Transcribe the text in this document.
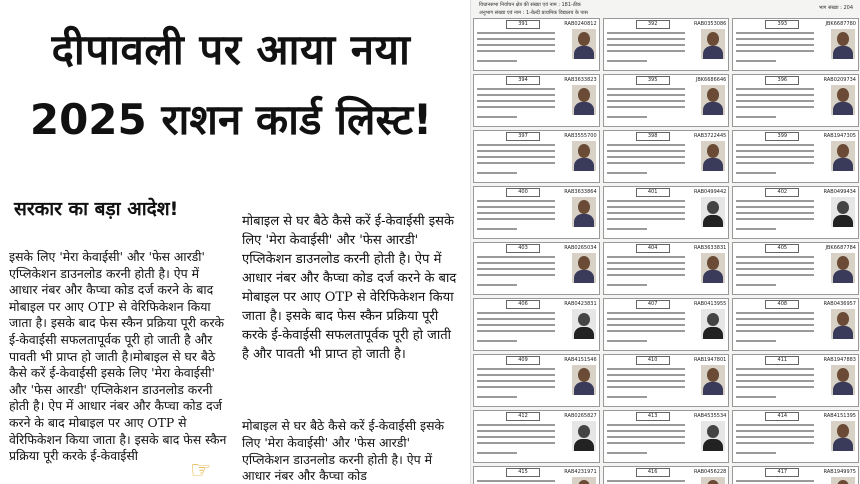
दीपावली पर आया नया
2025 राशन कार्ड लिस्ट!
सरकार का बड़ा आदेश!

इसके लिए 'मेरा केवाईसी' और 'फेस आरडी' एप्लिकेशन डाउनलोड करनी होती है। ऐप में आधार नंबर और कैप्चा कोड दर्ज करने के बाद मोबाइल पर आए OTP से वेरिफिकेशन किया जाता है। इसके बाद फेस स्कैन प्रक्रिया पूरी करके ई-केवाईसी सफलतापूर्वक पूरी हो जाती है और पावती भी प्राप्त हो जाती है।मोबाइल से घर बैठे कैसे करें ई-केवाईसी इसके लिए 'मेरा केवाईसी' और 'फेस आरडी' एप्लिकेशन डाउनलोड करनी होती है। ऐप में आधार नंबर और कैप्चा कोड दर्ज करने के बाद मोबाइल पर आए OTP से वेरिफिकेशन किया जाता है। इसके बाद फेस स्कैन प्रक्रिया पूरी करके ई-केवाईसी

मोबाइल से घर बैठे कैसे करें ई-केवाईसी इसके लिए 'मेरा केवाईसी' और 'फेस आरडी' एप्लिकेशन डाउनलोड करनी होती है। ऐप में आधार नंबर और कैप्चा कोड दर्ज करने के बाद मोबाइल पर आए OTP से वेरिफिकेशन किया जाता है। इसके बाद फेस स्कैन प्रक्रिया पूरी करके ई-केवाईसी सफलतापूर्वक पूरी हो जाती है और पावती भी प्राप्त हो जाती है।

मोबाइल से घर बैठे कैसे करें ई-केवाईसी इसके लिए 'मेरा केवाईसी' और 'फेस आरडी' एप्लिकेशन डाउनलोड करनी होती है। ऐप में आधार नंबर और कैप्चा कोड

☞
विधानसभा निर्वाचन क्षेत्र की संख्या एवं नाम : 181-ठीक
अनुभाग संख्या एवं नाम : 1-बेल्दी प्राथमिक विद्यालय के पास
भाग संख्या : 204
391	RAB0240812	392	RAB0353086	393	JBK6687780
394	RAB3633823	395	JBK6686646	396	RAB0209734
397	RAB3555700	398	RAB3722445	399	RAB1947305
400	RAB3633864	401	RAB0499442	402	RAB0499434
403	RAB0265034	404	RAB3633831	405	JBK6687784
406	RAB0423831	407	RAB0413955	408	RAB0436957
409	RAB4151546	410	RAB1947801	411	RAB1947883
412	RAB0265827	413	RAB4535534	414	RAB4151395
415	RAB4231971	416	RAB0456228	417	RAB1949975
